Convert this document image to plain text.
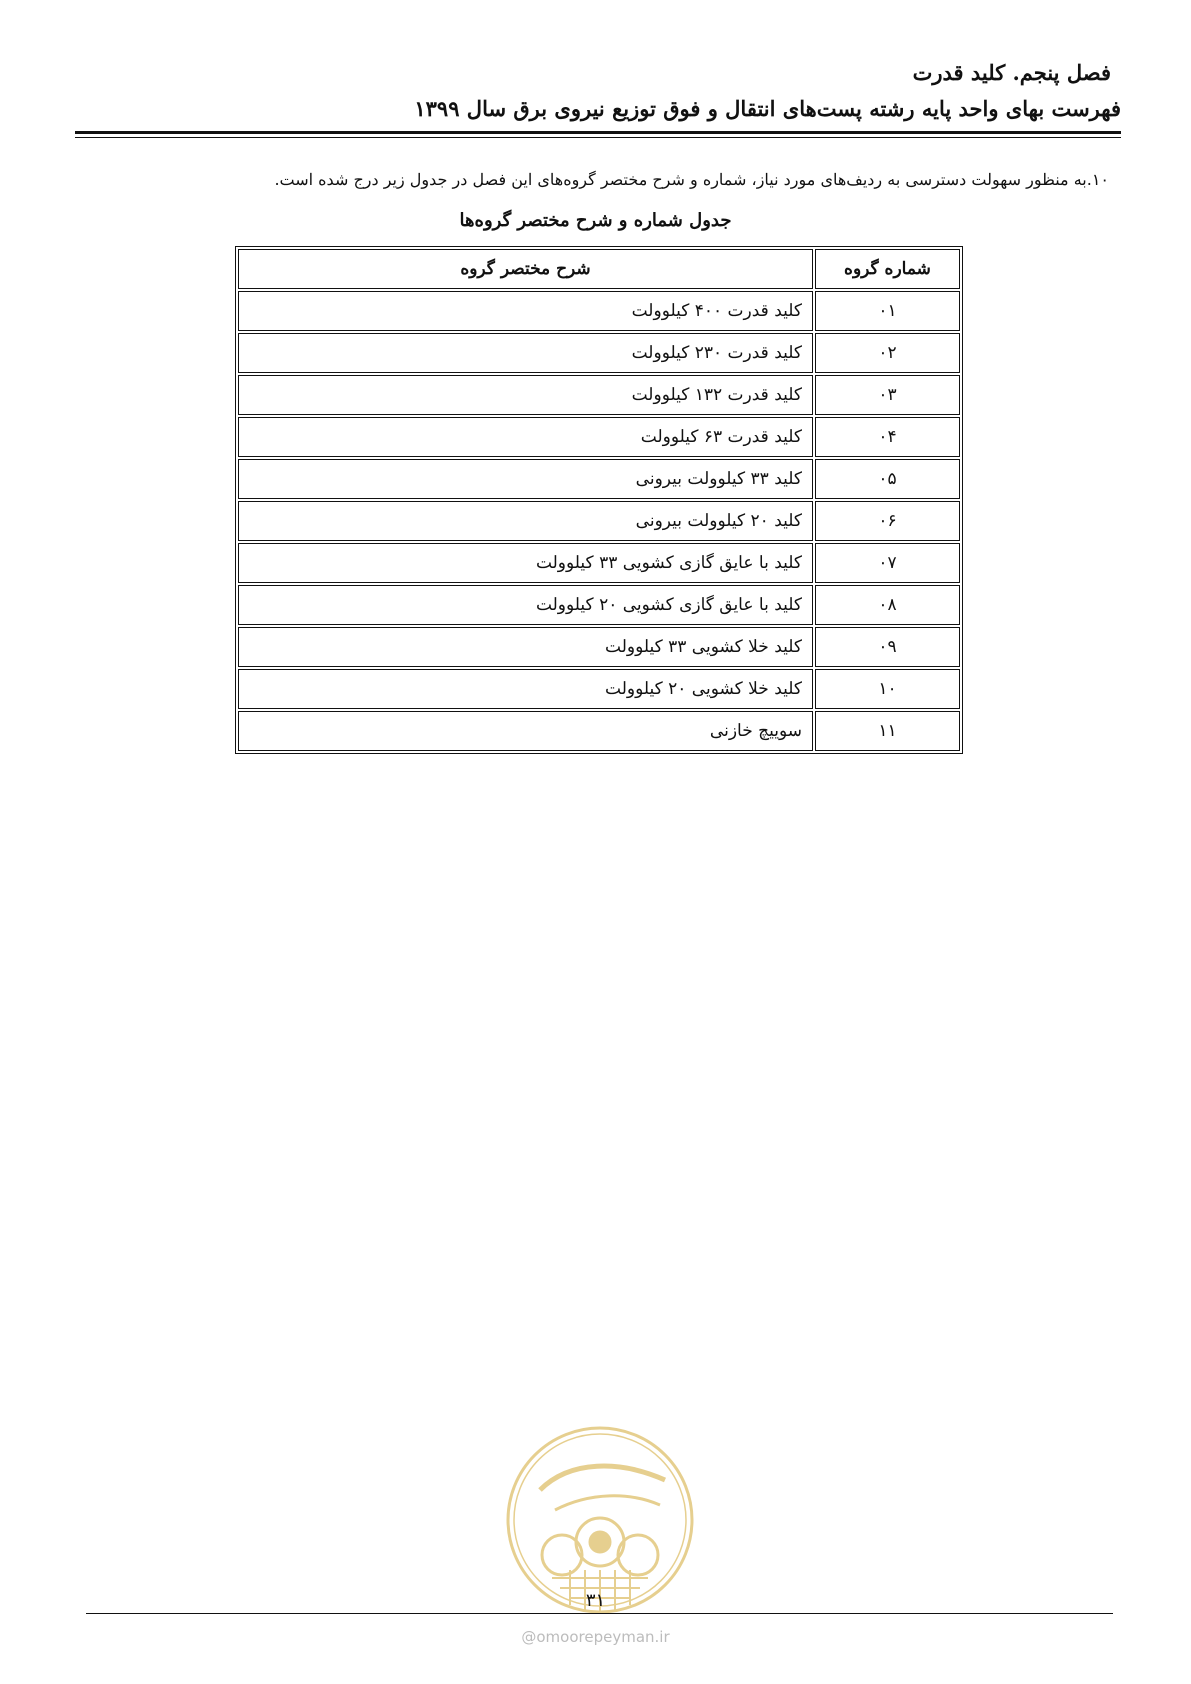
فصل پنجم. کلید قدرت
فهرست بهای واحد پایه رشته پست‌های انتقال و فوق توزیع نیروی برق سال ۱۳۹۹
۱۰.به منظور سهولت دسترسی به ردیف‌های مورد نیاز، شماره و شرح مختصر گروه‌های این فصل در جدول زیر درج شده است.
جدول شماره و شرح مختصر گروه‌ها
شماره گروه	شرح مختصر گروه
۰۱	کلید قدرت ۴۰۰ کیلوولت
۰۲	کلید قدرت ۲۳۰ کیلوولت
۰۳	کلید قدرت ۱۳۲ کیلوولت
۰۴	کلید قدرت ۶۳ کیلوولت
۰۵	کلید ۳۳ کیلوولت بیرونی
۰۶	کلید ۲۰ کیلوولت بیرونی
۰۷	کلید با عایق گازی کشویی ۳۳ کیلوولت
۰۸	کلید با عایق گازی کشویی ۲۰ کیلوولت
۰۹	کلید خلا کشویی ۳۳ کیلوولت
۱۰	کلید خلا کشویی ۲۰ کیلوولت
۱۱	سوییچ خازنی
۳۱
@omoorepeyman.ir
